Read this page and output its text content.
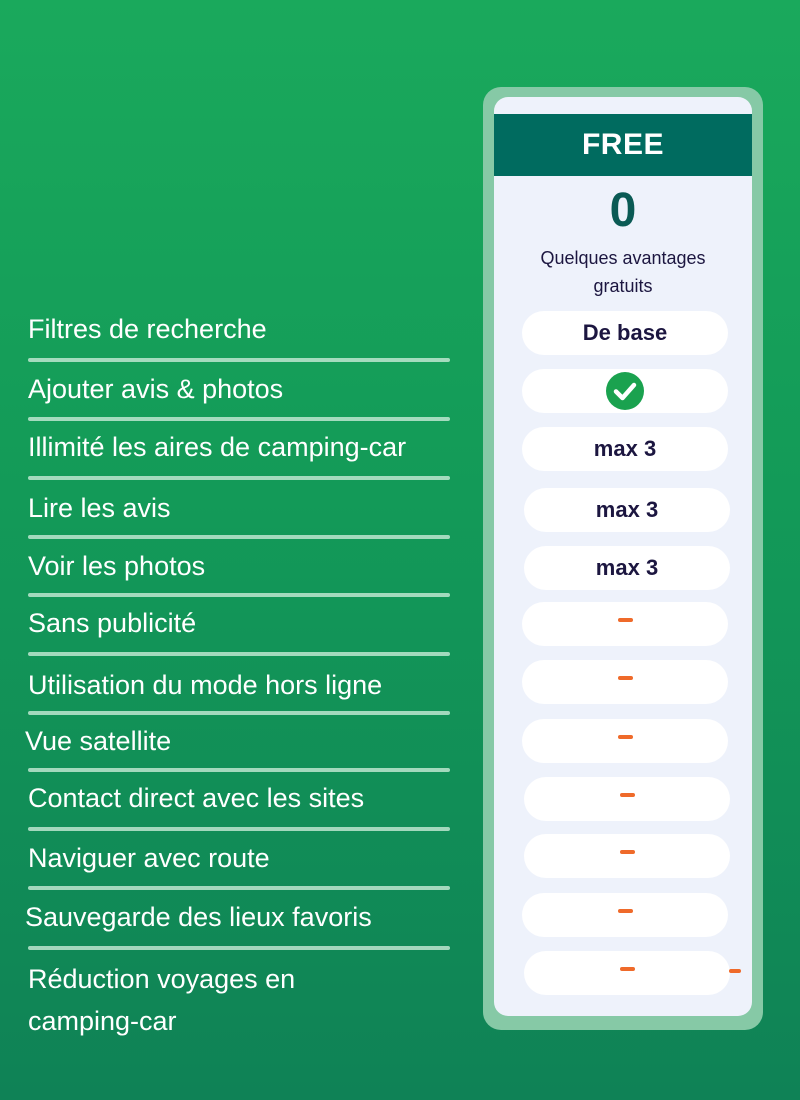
Filtres de recherche
Ajouter avis & photos
Illimité les aires de camping-car
Lire les avis
Voir les photos
Sans publicité
Utilisation du mode hors ligne
Vue satellite
Contact direct avec les sites
Naviguer avec route
Sauvegarde des lieux favoris
Réduction voyages en
camping-car
FREE
0
Quelques avantages
gratuits
De base
max 3
max 3
max 3
